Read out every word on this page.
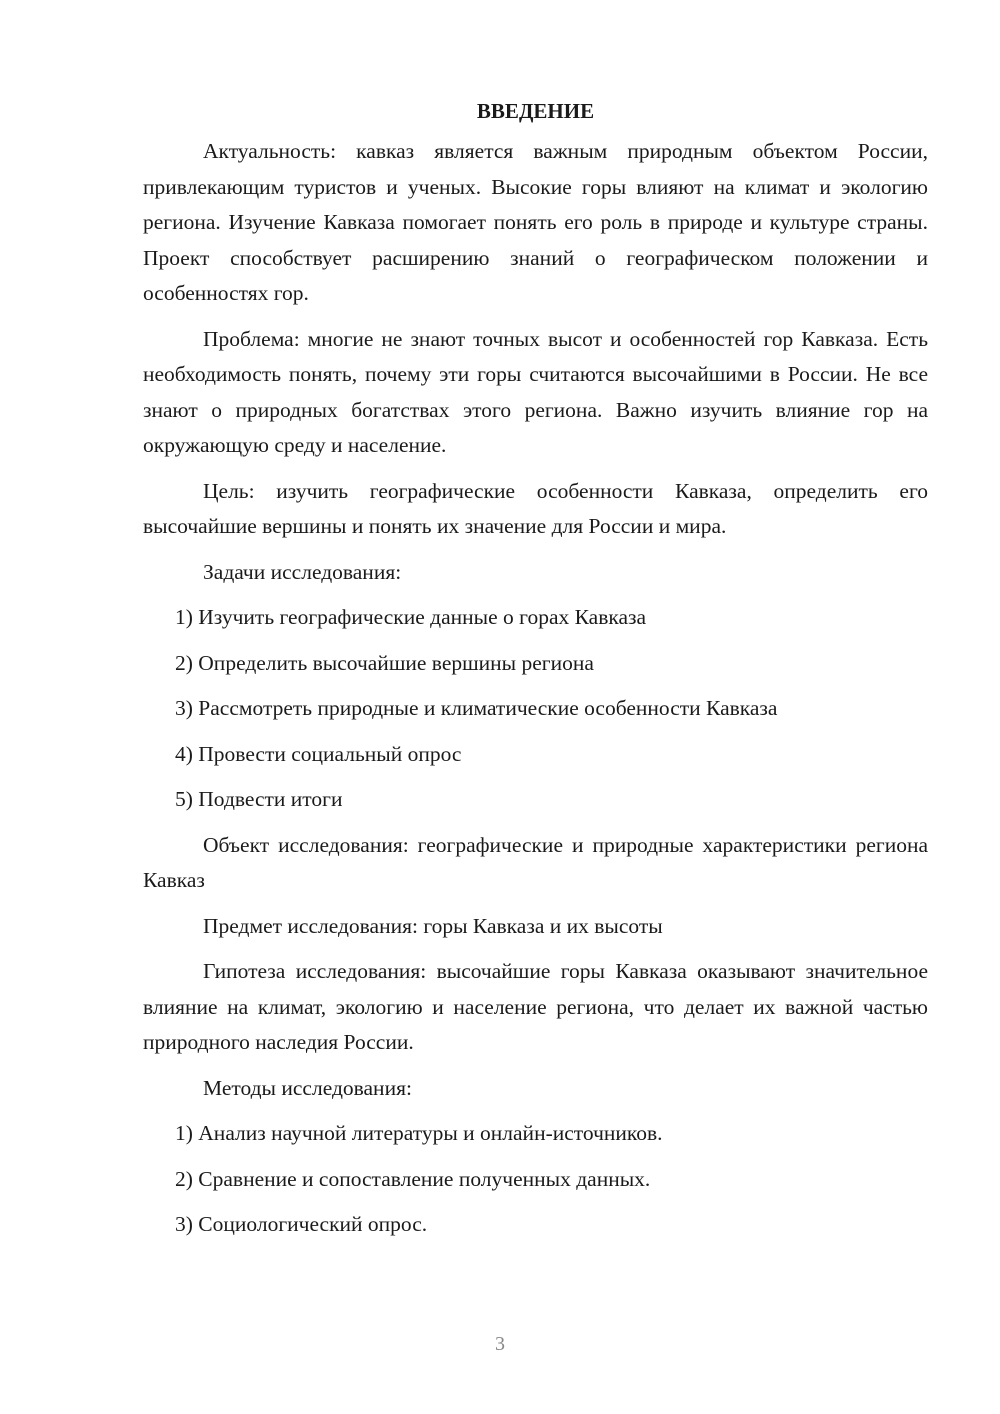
ВВЕДЕНИЕ

Актуальность: кавказ является важным природным объектом России, привлекающим туристов и ученых. Высокие горы влияют на климат и экологию региона. Изучение Кавказа помогает понять его роль в природе и культуре страны. Проект способствует расширению знаний о географическом положении и особенностях гор.

Проблема: многие не знают точных высот и особенностей гор Кавказа. Есть необходимость понять, почему эти горы считаются высочайшими в России. Не все знают о природных богатствах этого региона. Важно изучить влияние гор на окружающую среду и население.

Цель: изучить географические особенности Кавказа, определить его высочайшие вершины и понять их значение для России и мира.

Задачи исследования:

1) Изучить географические данные о горах Кавказа

2) Определить высочайшие вершины региона

3) Рассмотреть природные и климатические особенности Кавказа

4) Провести социальный опрос

5) Подвести итоги

Объект исследования: географические и природные характеристики региона Кавказ

Предмет исследования: горы Кавказа и их высоты

Гипотеза исследования: высочайшие горы Кавказа оказывают значительное влияние на климат, экологию и население региона, что делает их важной частью природного наследия России.

Методы исследования:

1) Анализ научной литературы и онлайн-источников.

2) Сравнение и сопоставление полученных данных.

3) Социологический опрос.

3
